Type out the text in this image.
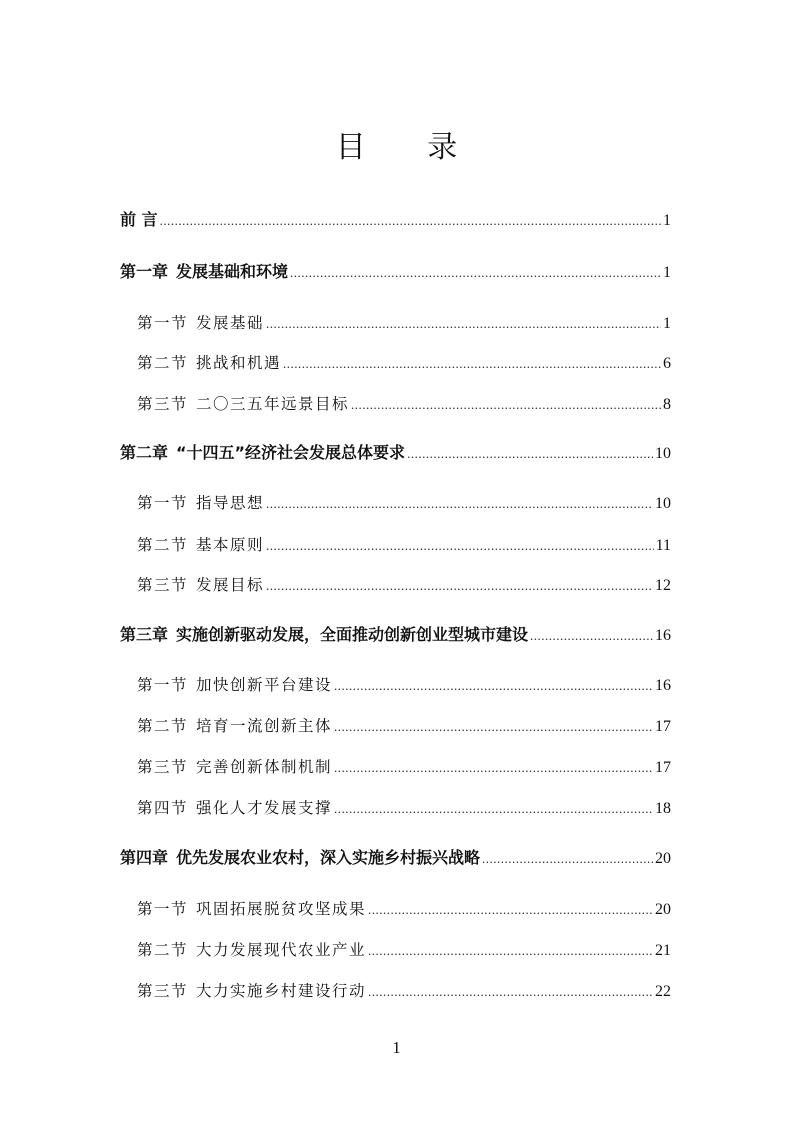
目 录
前 言 .....	1
第一章 发展基础和环境 .....	1
第一节 发展基础 .....	1
第二节 挑战和机遇 .....	6
第三节 二〇三五年远景目标 .....	8
第二章 “十四五”经济社会发展总体要求 .....	10
第一节 指导思想 .....	10
第二节 基本原则 .....	11
第三节 发展目标 .....	12
第三章 实施创新驱动发展，全面推动创新创业型城市建设 .....	16
第一节 加快创新平台建设 .....	16
第二节 培育一流创新主体 .....	17
第三节 完善创新体制机制 .....	17
第四节 强化人才发展支撑 .....	18
第四章 优先发展农业农村，深入实施乡村振兴战略 .....	20
第一节 巩固拓展脱贫攻坚成果 .....	20
第二节 大力发展现代农业产业 .....	21
第三节 大力实施乡村建设行动 .....	22
1
